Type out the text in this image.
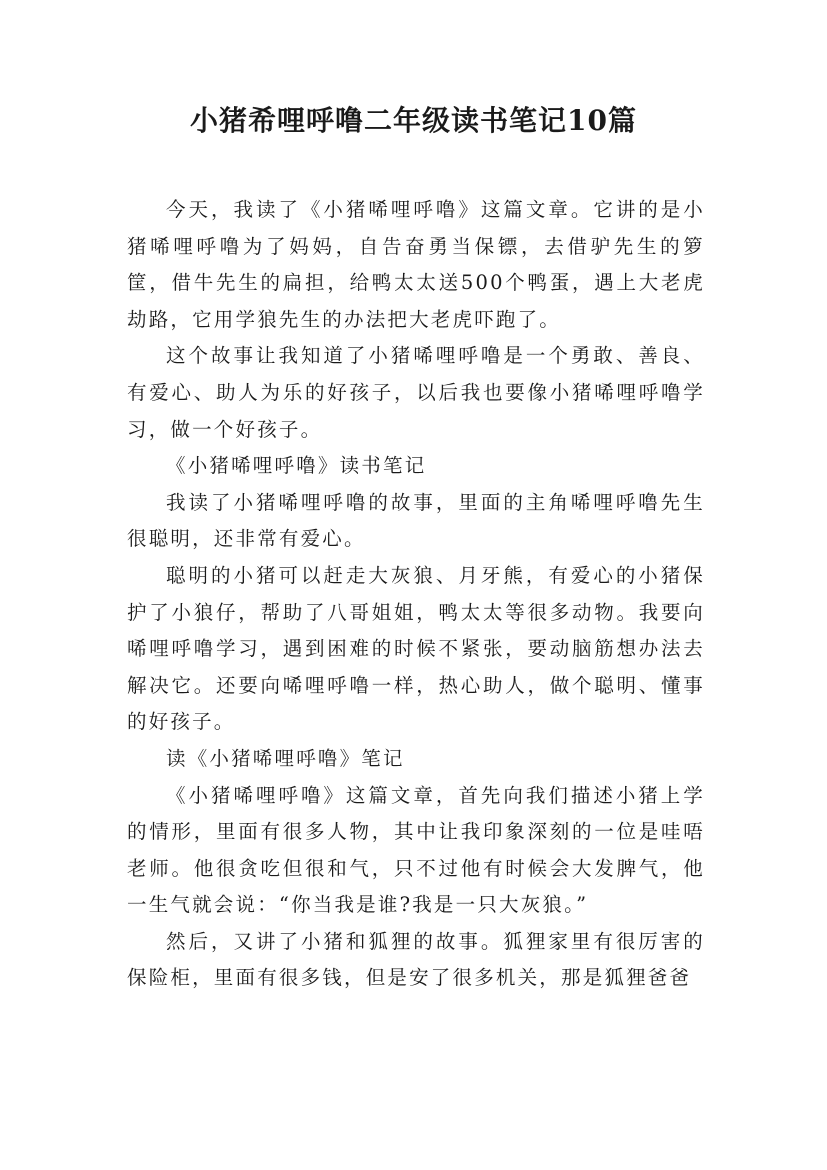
小猪希哩呼噜二年级读书笔记10篇

今天，我读了《小猪唏哩呼噜》这篇文章。它讲的是小猪唏哩呼噜为了妈妈，自告奋勇当保镖，去借驴先生的箩筐，借牛先生的扁担，给鸭太太送500个鸭蛋，遇上大老虎劫路，它用学狼先生的办法把大老虎吓跑了。

这个故事让我知道了小猪唏哩呼噜是一个勇敢、善良、有爱心、助人为乐的好孩子，以后我也要像小猪唏哩呼噜学习，做一个好孩子。

《小猪唏哩呼噜》读书笔记

我读了小猪唏哩呼噜的故事，里面的主角唏哩呼噜先生很聪明，还非常有爱心。

聪明的小猪可以赶走大灰狼、月牙熊，有爱心的小猪保护了小狼仔，帮助了八哥姐姐，鸭太太等很多动物。我要向唏哩呼噜学习，遇到困难的时候不紧张，要动脑筋想办法去解决它。还要向唏哩呼噜一样，热心助人，做个聪明、懂事的好孩子。

读《小猪唏哩呼噜》笔记

《小猪唏哩呼噜》这篇文章，首先向我们描述小猪上学的情形，里面有很多人物，其中让我印象深刻的一位是哇唔老师。他很贪吃但很和气，只不过他有时候会大发脾气，他一生气就会说：“你当我是谁?我是一只大灰狼。”

然后，又讲了小猪和狐狸的故事。狐狸家里有很厉害的保险柜，里面有很多钱，但是安了很多机关，那是狐狸爸爸
